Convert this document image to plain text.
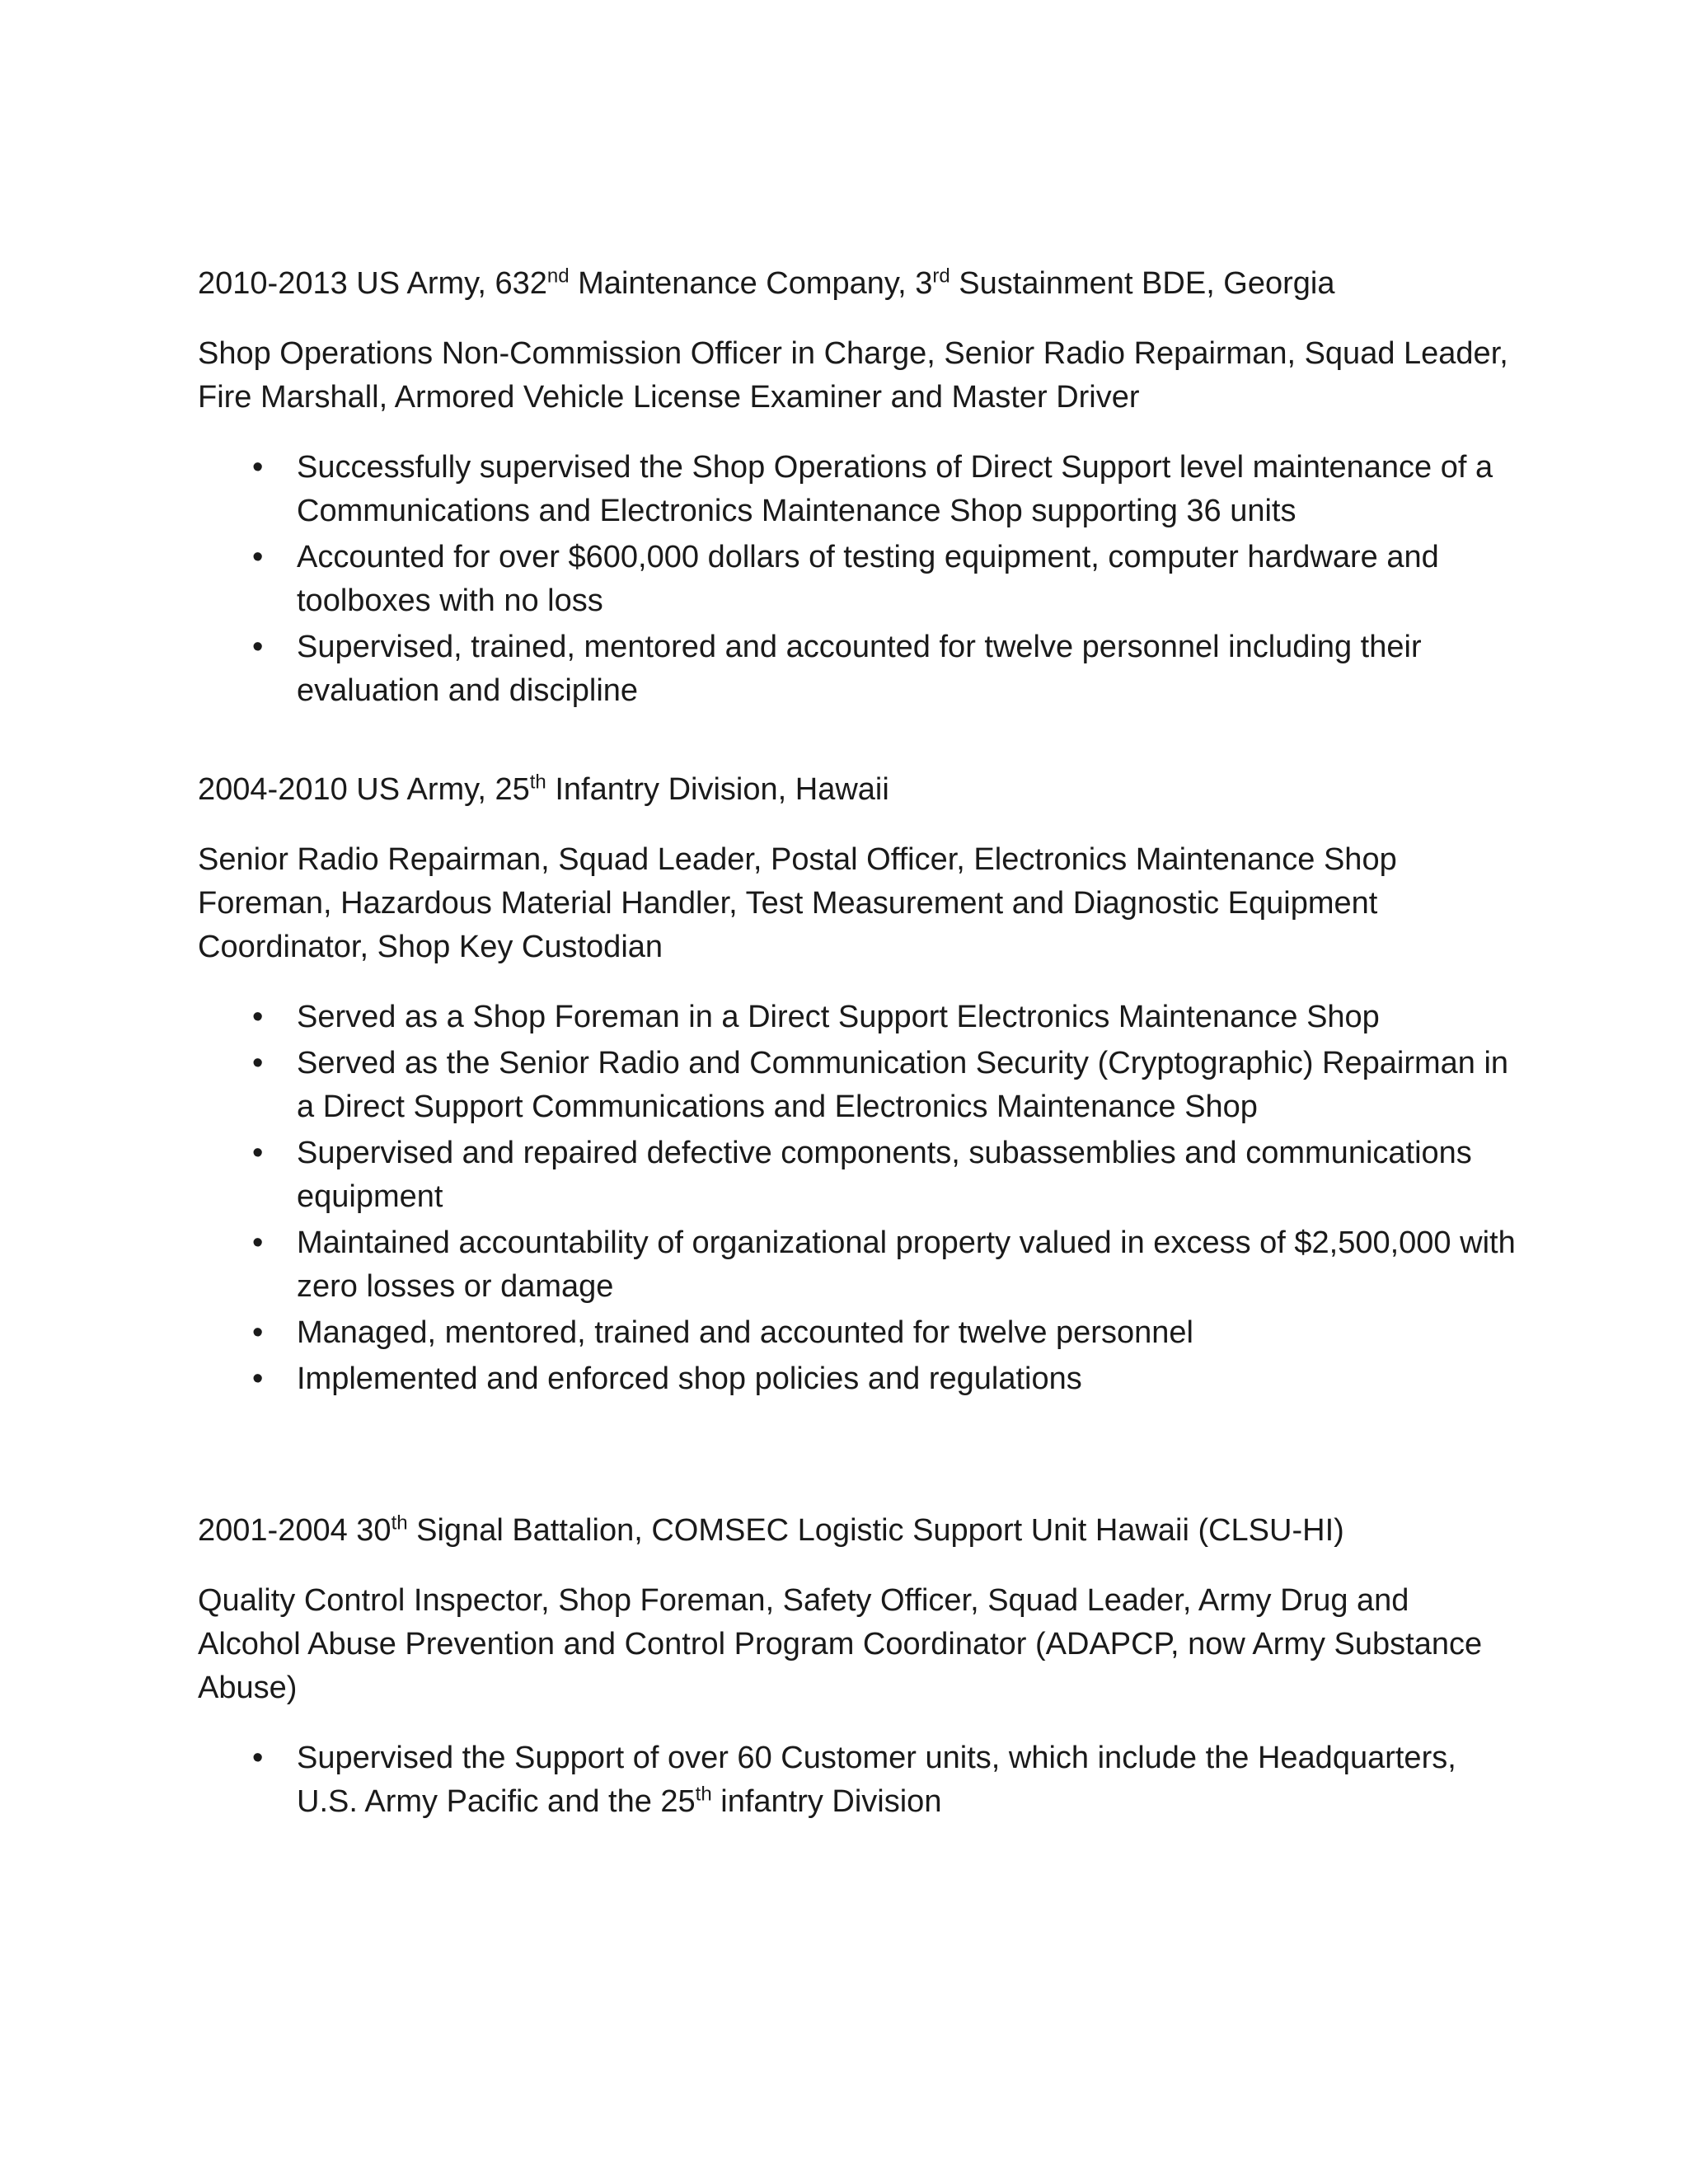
2010-2013 US Army, 632nd Maintenance Company, 3rd Sustainment BDE, Georgia

Shop Operations Non-Commission Officer in Charge, Senior Radio Repairman, Squad Leader, Fire Marshall, Armored Vehicle License Examiner and Master Driver

• Successfully supervised the Shop Operations of Direct Support level maintenance of a Communications and Electronics Maintenance Shop supporting 36 units
• Accounted for over $600,000 dollars of testing equipment, computer hardware and toolboxes with no loss
• Supervised, trained, mentored and accounted for twelve personnel including their evaluation and discipline

2004-2010 US Army, 25th Infantry Division, Hawaii

Senior Radio Repairman, Squad Leader, Postal Officer, Electronics Maintenance Shop Foreman, Hazardous Material Handler, Test Measurement and Diagnostic Equipment Coordinator, Shop Key Custodian

• Served as a Shop Foreman in a Direct Support Electronics Maintenance Shop
• Served as the Senior Radio and Communication Security (Cryptographic) Repairman in a Direct Support Communications and Electronics Maintenance Shop
• Supervised and repaired defective components, subassemblies and communications equipment
• Maintained accountability of organizational property valued in excess of $2,500,000 with zero losses or damage
• Managed, mentored, trained and accounted for twelve personnel
• Implemented and enforced shop policies and regulations

2001-2004 30th Signal Battalion, COMSEC Logistic Support Unit Hawaii (CLSU-HI)

Quality Control Inspector, Shop Foreman, Safety Officer, Squad Leader, Army Drug and Alcohol Abuse Prevention and Control Program Coordinator (ADAPCP, now Army Substance Abuse)

• Supervised the Support of over 60 Customer units, which include the Headquarters, U.S. Army Pacific and the 25th infantry Division
